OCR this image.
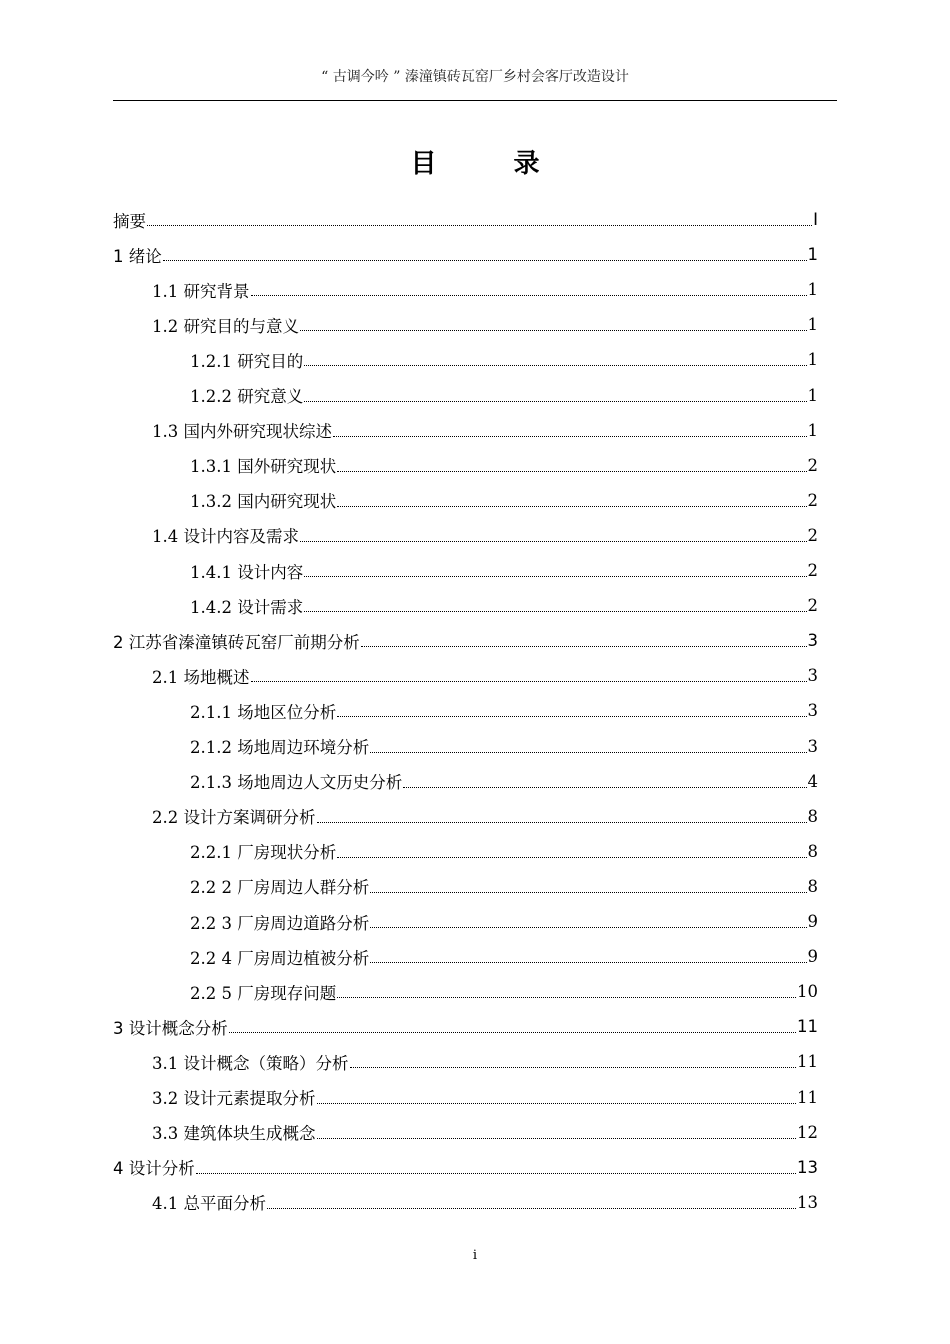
“ 古调今吟 ” 溱潼镇砖瓦窑厂乡村会客厅改造设计
目 录
摘要	Ⅰ
1 绪论	1
1.1 研究背景	1
1.2 研究目的与意义	1
1.2.1 研究目的	1
1.2.2 研究意义	1
1.3 国内外研究现状综述	1
1.3.1 国外研究现状	2
1.3.2 国内研究现状	2
1.4 设计内容及需求	2
1.4.1 设计内容	2
1.4.2 设计需求	2
2 江苏省溱潼镇砖瓦窑厂前期分析	3
2.1 场地概述	3
2.1.1 场地区位分析	3
2.1.2 场地周边环境分析	3
2.1.3 场地周边人文历史分析	4
2.2 设计方案调研分析	8
2.2.1 厂房现状分析	8
2.2 2 厂房周边人群分析	8
2.2 3 厂房周边道路分析	9
2.2 4 厂房周边植被分析	9
2.2 5 厂房现存问题	10
3 设计概念分析	11
3.1 设计概念（策略）分析	11
3.2 设计元素提取分析	11
3.3 建筑体块生成概念	12
4 设计分析	13
4.1 总平面分析	13
i
